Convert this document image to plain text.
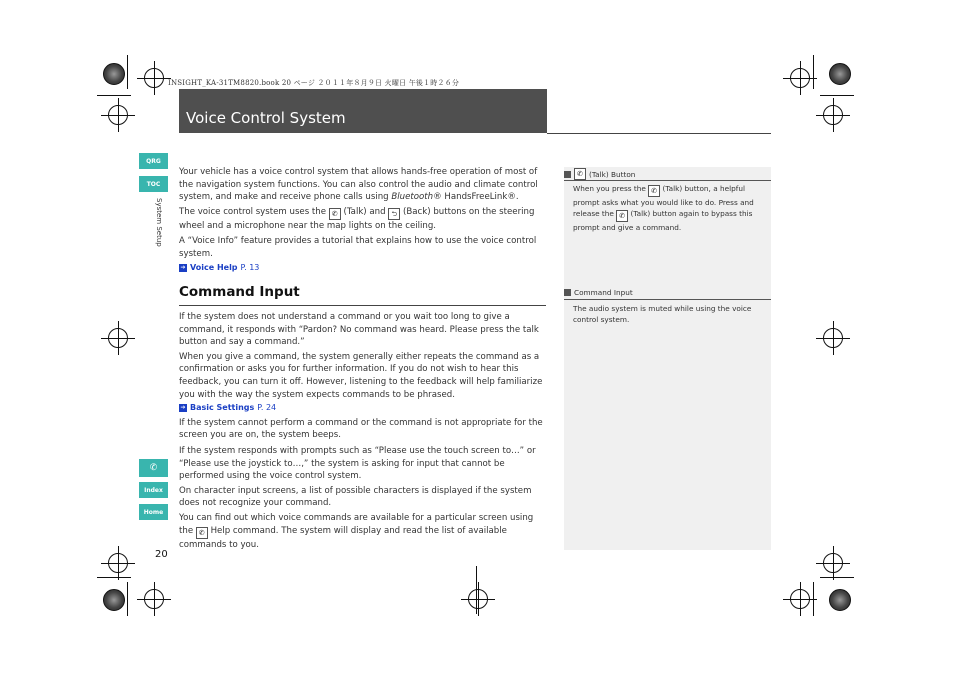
INSIGHT_KA-31TM8820.book 20 ページ ２０１１年８月９日 火曜日 午後１時２６分
Voice Control System
QRG
TOC
System Setup
✆
Index
Home
20

Your vehicle has a voice control system that allows hands-free operation of most of the navigation system functions. You can also control the audio and climate control system, and make and receive phone calls using Bluetooth® HandsFreeLink®.

The voice control system uses the ✆ (Talk) and ⮌ (Back) buttons on the steering wheel and a microphone near the map lights on the ceiling.

A “Voice Info” feature provides a tutorial that explains how to use the voice control system.

➔ Voice Help P. 13
Command Input

If the system does not understand a command or you wait too long to give a command, it responds with “Pardon? No command was heard. Please press the talk button and say a command.”

When you give a command, the system generally either repeats the command as a confirmation or asks you for further information. If you do not wish to hear this feedback, you can turn it off. However, listening to the feedback will help familiarize you with the way the system expects commands to be phrased.

➔ Basic Settings P. 24

If the system cannot perform a command or the command is not appropriate for the screen you are on, the system beeps.

If the system responds with prompts such as “Please use the touch screen to…” or “Please use the joystick to…,” the system is asking for input that cannot be performed using the voice control system.

On character input screens, a list of possible characters is displayed if the system does not recognize your command.

You can find out which voice commands are available for a particular screen using the ✆ Help command. The system will display and read the list of available commands to you.

✆ (Talk) Button
When you press the ✆ (Talk) button, a helpful prompt asks what you would like to do. Press and release the ✆ (Talk) button again to bypass this prompt and give a command.
Command Input
The audio system is muted while using the voice control system.
